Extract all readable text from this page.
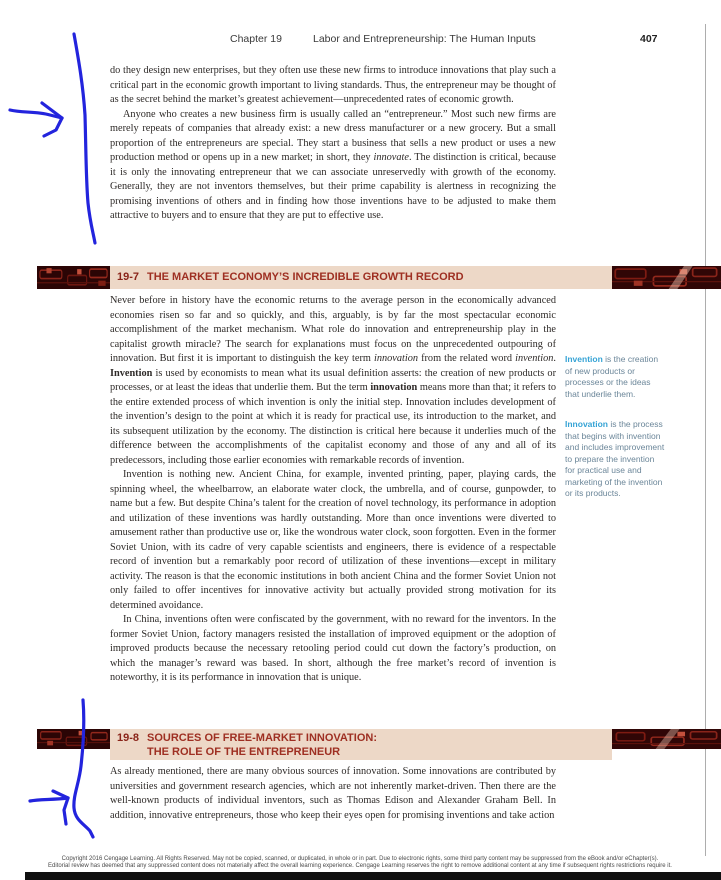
Chapter 19	Labor and Entrepreneurship: The Human Inputs	407

do they design new enterprises, but they often use these new firms to introduce innovations that play such a critical part in the economic growth important to living standards. Thus, the entrepreneur may be thought of as the secret behind the market’s greatest achievement—unprecedented rates of economic growth.

Anyone who creates a new business firm is usually called an “entrepreneur.” Most such new firms are merely repeats of companies that already exist: a new dress manufacturer or a new grocery. But a small proportion of the entrepreneurs are special. They start a business that sells a new product or uses a new production method or opens up in a new market; in short, they innovate. The distinction is critical, because it is only the innovating entrepreneur that we can associate unreservedly with growth of the economy. Generally, they are not inventors themselves, but their prime capability is alertness in recognizing the promising inventions of others and in finding how those inventions have to be adjusted to make them attractive to buyers and to ensure that they are put to effective use.

19-7 THE MARKET ECONOMY’S INCREDIBLE GROWTH RECORD

Never before in history have the economic returns to the average person in the economically advanced economies risen so far and so quickly, and this, arguably, is by far the most spectacular economic accomplishment of the market mechanism. What role do innovation and entrepreneurship play in the capitalist growth miracle? The search for explanations must focus on the unprecedented outpouring of innovation. But first it is important to distinguish the key term innovation from the related word invention. Invention is used by economists to mean what its usual definition asserts: the creation of new products or processes, or at least the ideas that underlie them. But the term innovation means more than that; it refers to the entire extended process of which invention is only the initial step. Innovation includes development of the invention’s design to the point at which it is ready for practical use, its introduction to the market, and its subsequent utilization by the economy. The distinction is critical here because it underlies much of the difference between the accomplishments of the capitalist economy and those of any and all of its predecessors, including those earlier economies with remarkable records of invention.

Invention is nothing new. Ancient China, for example, invented printing, paper, playing cards, the spinning wheel, the wheelbarrow, an elaborate water clock, the umbrella, and of course, gunpowder, to name but a few. But despite China’s talent for the creation of novel technology, its performance in adoption and utilization of these inventions was hardly outstanding. More than once inventions were diverted to amusement rather than productive use or, like the wondrous water clock, soon forgotten. Even in the former Soviet Union, with its cadre of very capable scientists and engineers, there is evidence of a respectable record of invention but a remarkably poor record of utilization of these inventions—except in military activity. The reason is that the economic institutions in both ancient China and the former Soviet Union not only failed to offer incentives for innovative activity but actually provided strong motivation for its determined avoidance.

In China, inventions often were confiscated by the government, with no reward for the inventors. In the former Soviet Union, factory managers resisted the installation of improved equipment or the adoption of improved products because the necessary retooling period could cut down the factory’s production, on which the manager’s reward was based. In short, although the free market’s record of invention is noteworthy, it is its performance in innovation that is unique.

Invention is the creation of new products or processes or the ideas that underlie them.
Innovation is the process that begins with invention and includes improvement to prepare the invention for practical use and marketing of the invention or its products.
19-8 SOURCES OF FREE-MARKET INNOVATION:
THE ROLE OF THE ENTREPRENEUR

As already mentioned, there are many obvious sources of innovation. Some innovations are contributed by universities and government research agencies, which are not inherently market-driven. Then there are the well-known products of individual inventors, such as Thomas Edison and Alexander Graham Bell. In addition, innovative entrepreneurs, those who keep their eyes open for promising inventions and take action

Copyright 2016 Cengage Learning. All Rights Reserved. May not be copied, scanned, or duplicated, in whole or in part. Due to electronic rights, some third party content may be suppressed from the eBook and/or eChapter(s).
Editorial review has deemed that any suppressed content does not materially affect the overall learning experience. Cengage Learning reserves the right to remove additional content at any time if subsequent rights restrictions require it.
